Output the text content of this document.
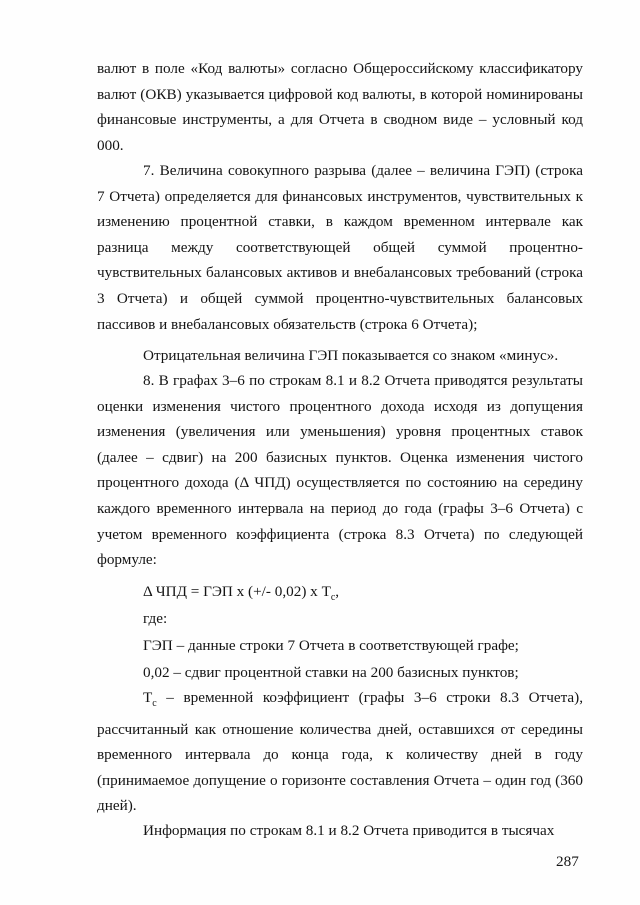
валют в поле «Код валюты» согласно Общероссийскому классификатору валют (ОКВ) указывается цифровой код валюты, в которой номинированы финансовые инструменты, а для Отчета в сводном виде – условный код 000.

7. Величина совокупного разрыва (далее – величина ГЭП) (строка 7 Отчета) определяется для финансовых инструментов, чувствительных к изменению процентной ставки, в каждом временном интервале как разница между соответствующей общей суммой процентно-чувствительных балансовых активов и внебалансовых требований (строка 3 Отчета) и общей суммой процентно-чувствительных балансовых пассивов и внебалансовых обязательств (строка 6 Отчета);

Отрицательная величина ГЭП показывается со знаком «минус».

8. В графах 3–6 по строкам 8.1 и 8.2 Отчета приводятся результаты оценки изменения чистого процентного дохода исходя из допущения изменения (увеличения или уменьшения) уровня процентных ставок (далее – сдвиг) на 200 базисных пунктов. Оценка изменения чистого процентного дохода (Δ ЧПД) осуществляется по состоянию на середину каждого временного интервала на период до года (графы 3–6 Отчета) с учетом временного коэффициента (строка 8.3 Отчета) по следующей формуле:

Δ ЧПД = ГЭП х (+/- 0,02) х $Т_с$,

где:

ГЭП – данные строки 7 Отчета в соответствующей графе;

0,02 – сдвиг процентной ставки на 200 базисных пунктов;

$Т_с$ – временной коэффициент (графы 3–6 строки 8.3 Отчета), рассчитанный как отношение количества дней, оставшихся от середины временного интервала до конца года, к количеству дней в году (принимаемое допущение о горизонте составления Отчета – один год (360 дней).

Информация по строкам 8.1 и 8.2 Отчета приводится в тысячах

287
